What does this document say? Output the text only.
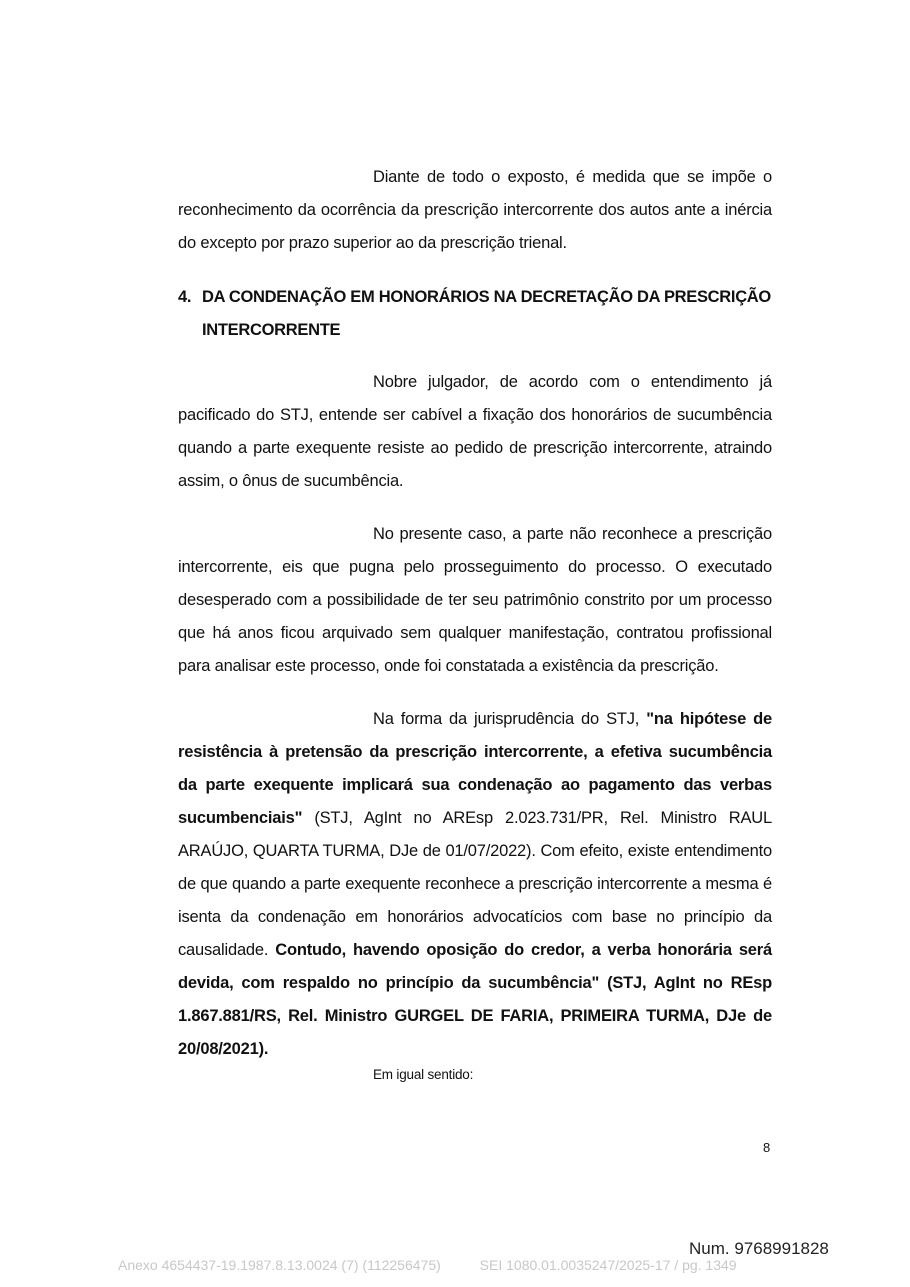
Diante de todo o exposto, é medida que se impõe o reconhecimento da ocorrência da prescrição intercorrente dos autos ante a inércia do excepto por prazo superior ao da prescrição trienal.

4. DA CONDENAÇÃO EM HONORÁRIOS NA DECRETAÇÃO DA PRESCRIÇÃO
INTERCORRENTE

Nobre julgador, de acordo com o entendimento já pacificado do STJ, entende ser cabível a fixação dos honorários de sucumbência quando a parte exequente resiste ao pedido de prescrição intercorrente, atraindo assim, o ônus de sucumbência.

No presente caso, a parte não reconhece a prescrição intercorrente, eis que pugna pelo prosseguimento do processo. O executado desesperado com a possibilidade de ter seu patrimônio constrito por um processo que há anos ficou arquivado sem qualquer manifestação, contratou profissional para analisar este processo, onde foi constatada a existência da prescrição.

Na forma da jurisprudência do STJ, "na hipótese de resistência à pretensão da prescrição intercorrente, a efetiva sucumbência da parte exequente implicará sua condenação ao pagamento das verbas sucumbenciais" (STJ, AgInt no AREsp 2.023.731/PR, Rel. Ministro RAUL ARAÚJO, QUARTA TURMA, DJe de 01/07/2022). Com efeito, existe entendimento de que quando a parte exequente reconhece a prescrição intercorrente a mesma é isenta da condenação em honorários advocatícios com base no princípio da causalidade. Contudo, havendo oposição do credor, a verba honorária será devida, com respaldo no princípio da sucumbência" (STJ, AgInt no REsp 1.867.881/RS, Rel. Ministro GURGEL DE FARIA, PRIMEIRA TURMA, DJe de 20/08/2021).

Em igual sentido:
8
Num. 9768991828
Anexo 4654437-19.1987.8.13.0024 (7) (112256475)          SEI 1080.01.0035247/2025-17 / pg. 1349
